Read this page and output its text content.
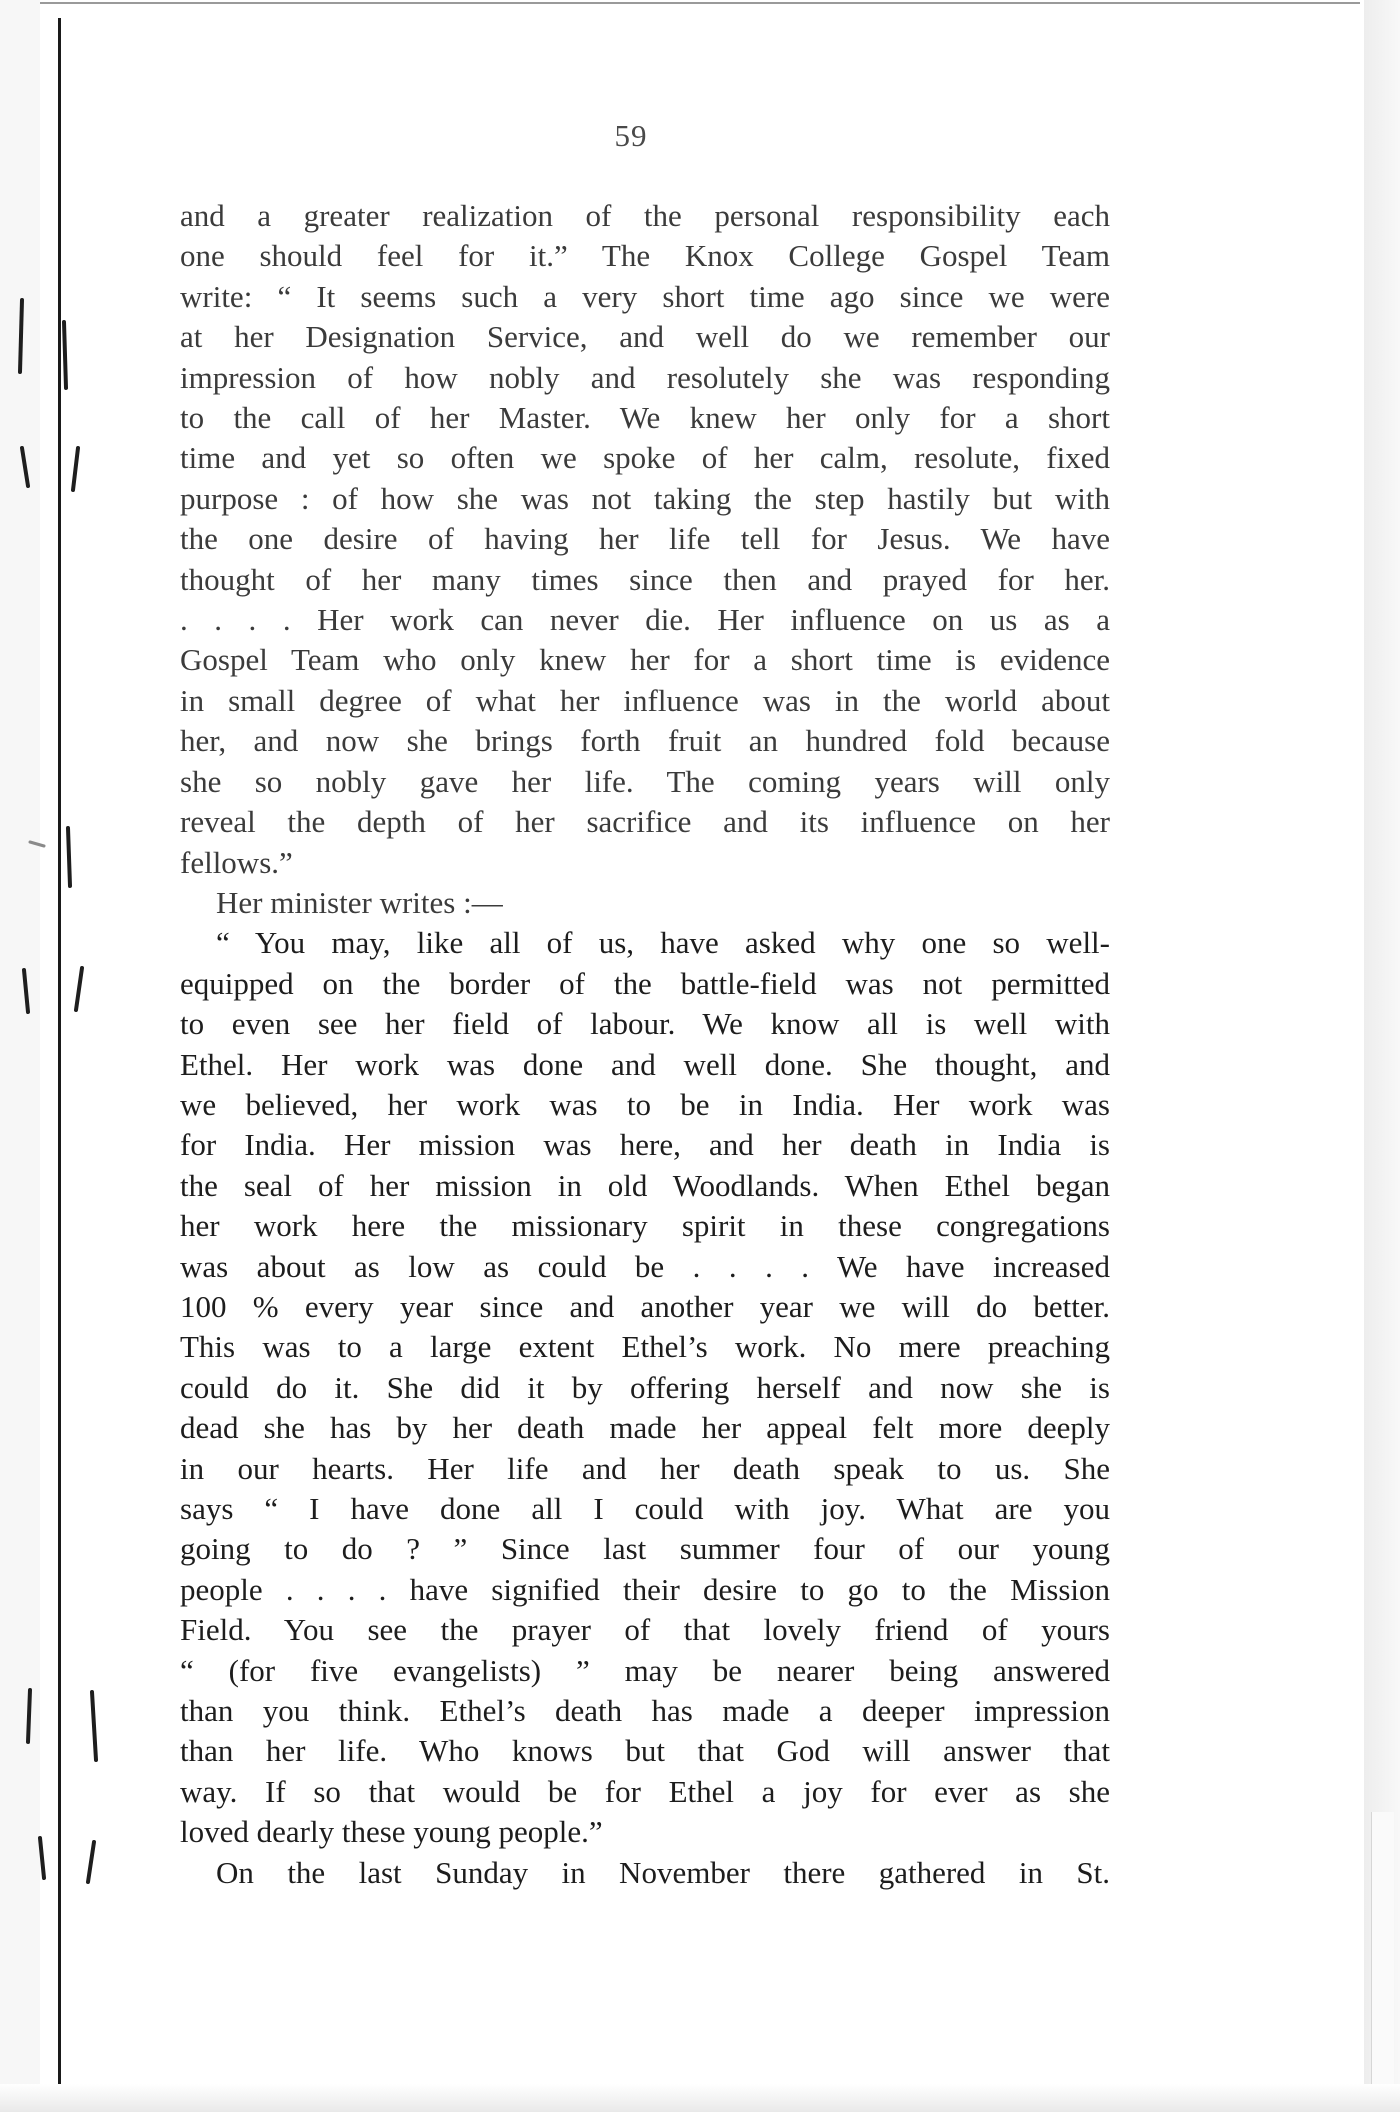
59
and a greater realization of the personal responsibility each
one should feel for it.” The Knox College Gospel Team
write: “ It seems such a very short time ago since we were
at her Designation Service, and well do we remember our
impression of how nobly and resolutely she was responding
to the call of her Master. We knew her only for a short
time and yet so often we spoke of her calm, resolute, fixed
purpose : of how she was not taking the step hastily but with
the one desire of having her life tell for Jesus. We have
thought of her many times since then and prayed for her.
. . . . Her work can never die. Her influence on us as a
Gospel Team who only knew her for a short time is evidence
in small degree of what her influence was in the world about
her, and now she brings forth fruit an hundred fold because
she so nobly gave her life. The coming years will only
reveal the depth of her sacrifice and its influence on her
fellows.”
Her minister writes :—
“ You may, like all of us, have asked why one so well-
equipped on the border of the battle-field was not permitted
to even see her field of labour. We know all is well with
Ethel. Her work was done and well done. She thought, and
we believed, her work was to be in India. Her work was
for India. Her mission was here, and her death in India is
the seal of her mission in old Woodlands. When Ethel began
her work here the missionary spirit in these congregations
was about as low as could be . . . . We have increased
100 % every year since and another year we will do better.
This was to a large extent Ethel’s work. No mere preaching
could do it. She did it by offering herself and now she is
dead she has by her death made her appeal felt more deeply
in our hearts. Her life and her death speak to us. She
says “ I have done all I could with joy. What are you
going to do ? ” Since last summer four of our young
people . . . . have signified their desire to go to the Mission
Field. You see the prayer of that lovely friend of yours
“ (for five evangelists) ” may be nearer being answered
than you think. Ethel’s death has made a deeper impression
than her life. Who knows but that God will answer that
way. If so that would be for Ethel a joy for ever as she
loved dearly these young people.”
On the last Sunday in November there gathered in St.
